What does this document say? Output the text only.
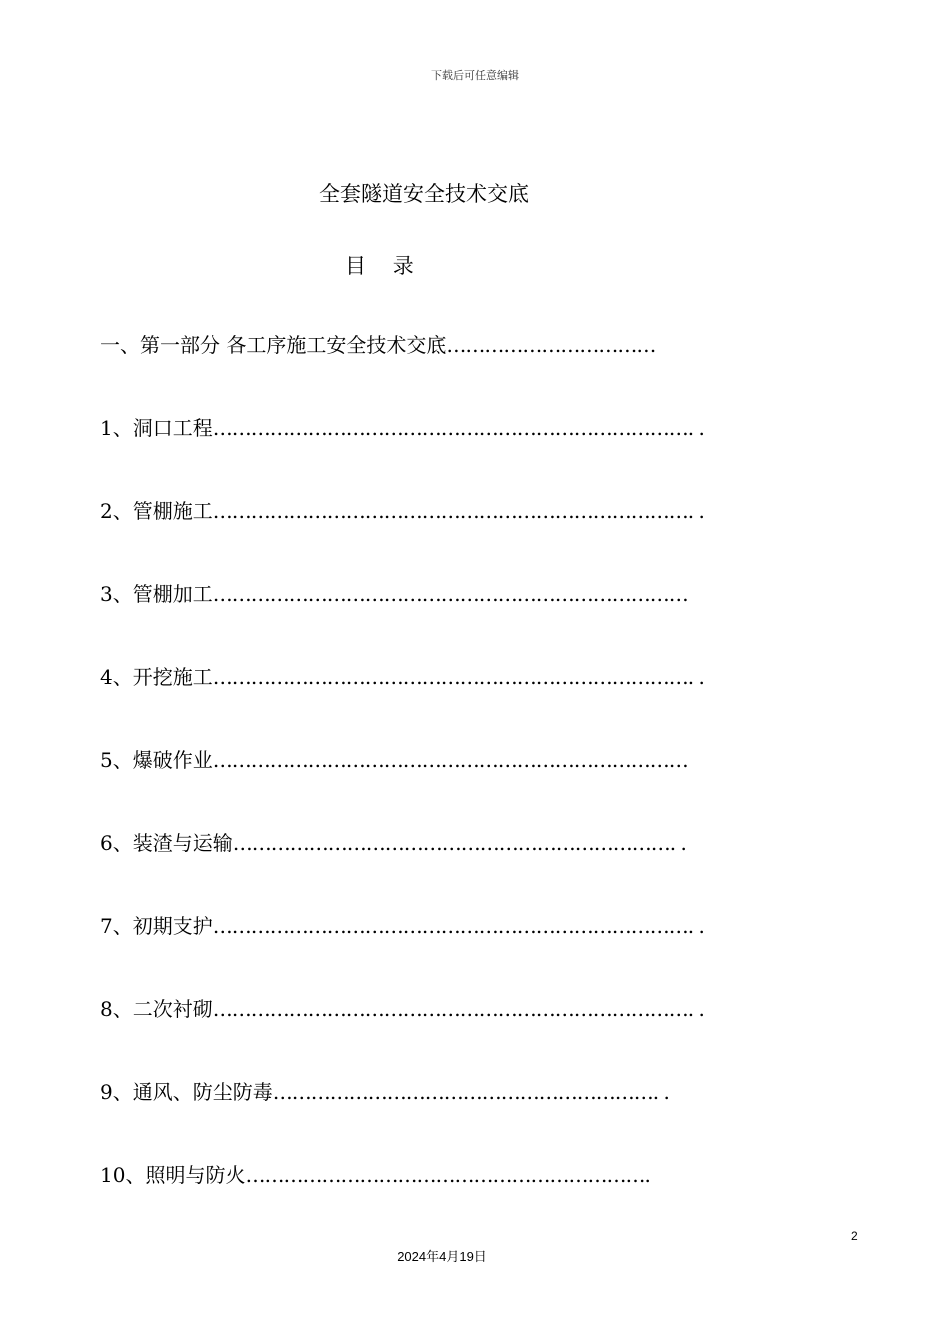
下载后可任意编辑
全套隧道安全技术交底
目    录
一、第一部分 各工序施工安全技术交底……………………………
1、洞口工程…………………………………………………………………. .
2、管棚施工…………………………………………………………………. .
3、管棚加工…………………………………………………………………
4、开挖施工…………………………………………………………………. .
5、爆破作业…………………………………………………………………
6、装渣与运输……………………………………………………………. .
7、初期支护…………………………………………………………………. .
8、二次衬砌…………………………………………………………………. .
9、通风、防尘防毒……………………………………………………. .
10、照明与防火……………………………………………………….
2
2024年4月19日
